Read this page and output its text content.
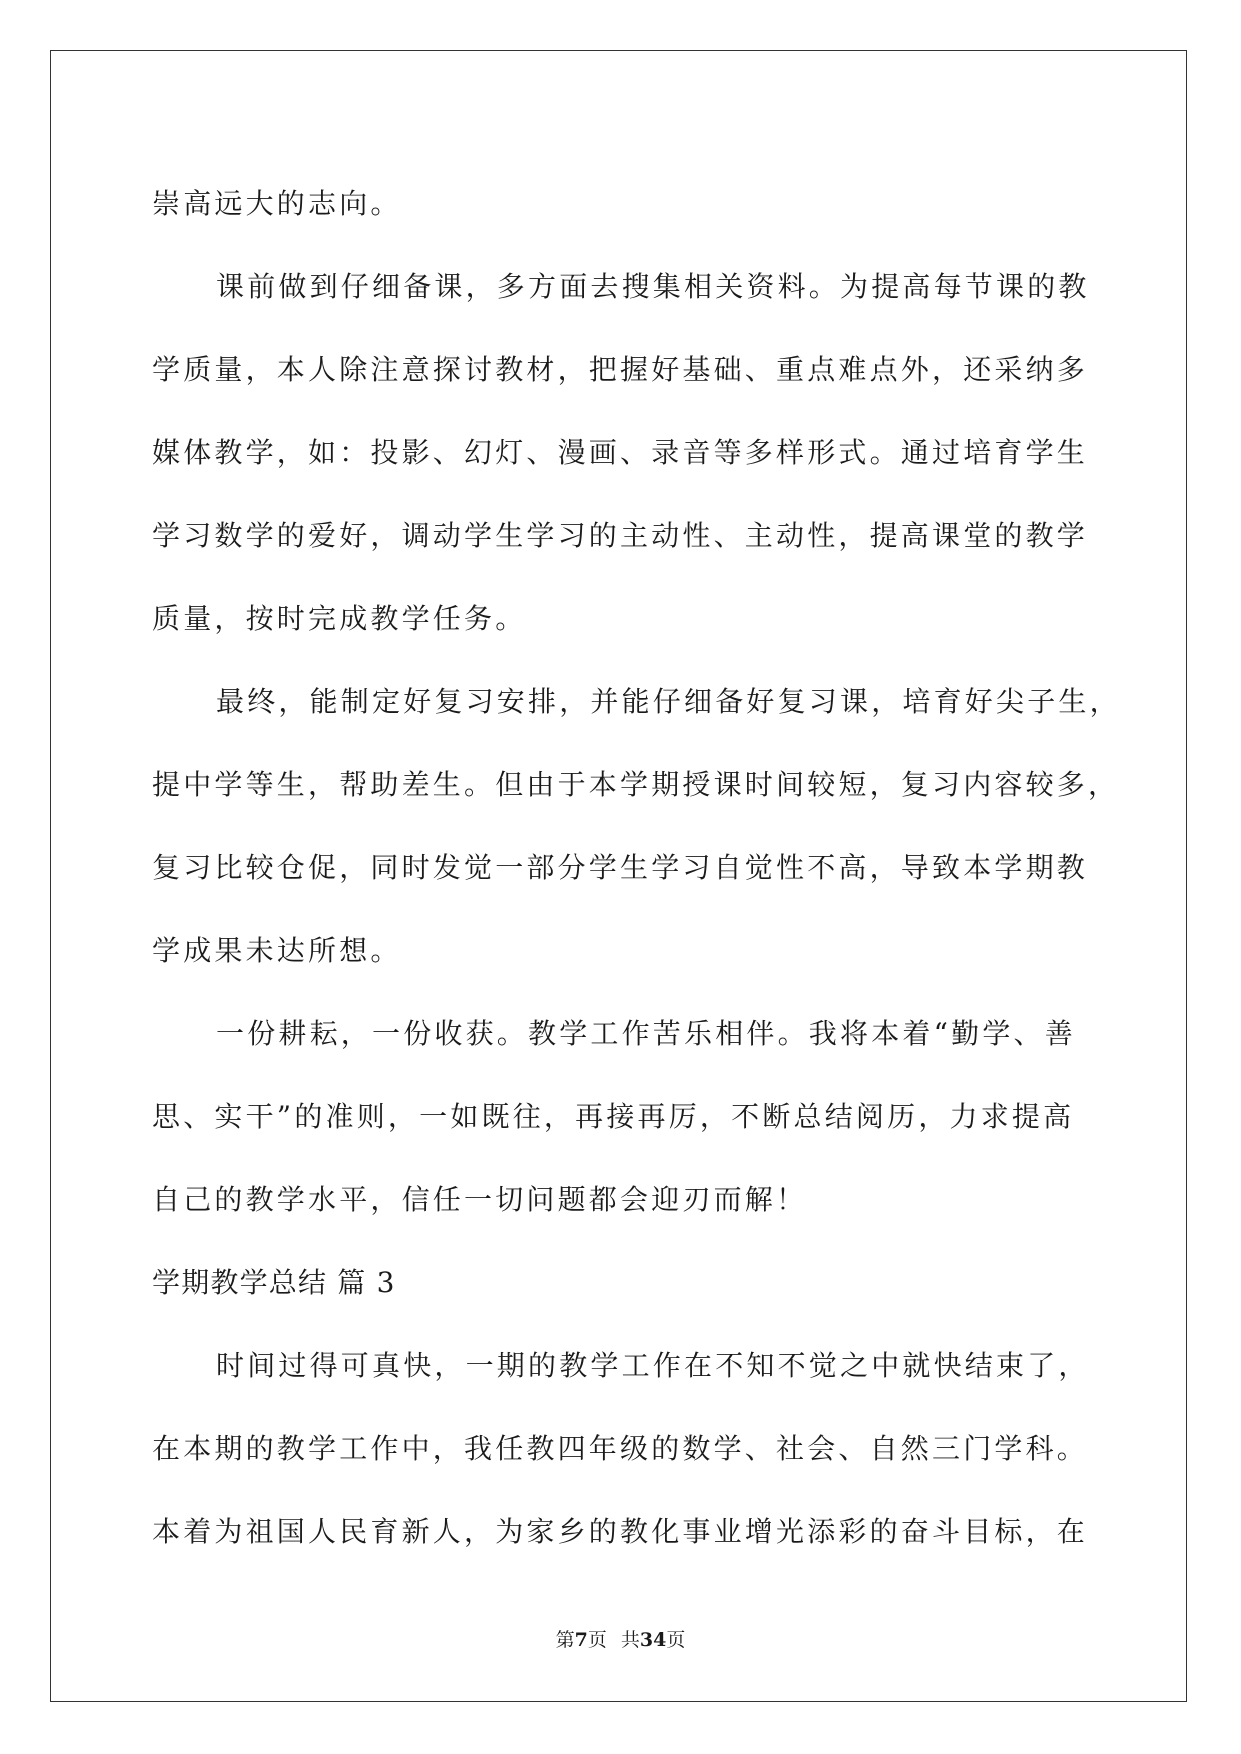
崇高远大的志向。
课前做到仔细备课，多方面去搜集相关资料。为提高每节课的教
学质量，本人除注意探讨教材，把握好基础、重点难点外，还采纳多
媒体教学，如：投影、幻灯、漫画、录音等多样形式。通过培育学生
学习数学的爱好，调动学生学习的主动性、主动性，提高课堂的教学
质量，按时完成教学任务。
最终，能制定好复习安排，并能仔细备好复习课，培育好尖子生，
提中学等生，帮助差生。但由于本学期授课时间较短，复习内容较多，
复习比较仓促，同时发觉一部分学生学习自觉性不高，导致本学期教
学成果未达所想。
一份耕耘，一份收获。教学工作苦乐相伴。我将本着“勤学、善
思、实干”的准则，一如既往，再接再厉，不断总结阅历，力求提高
自己的教学水平，信任一切问题都会迎刃而解！
学期教学总结 篇 3
时间过得可真快，一期的教学工作在不知不觉之中就快结束了，
在本期的教学工作中，我任教四年级的数学、社会、自然三门学科。
本着为祖国人民育新人，为家乡的教化事业增光添彩的奋斗目标，在
第7页 共34页
